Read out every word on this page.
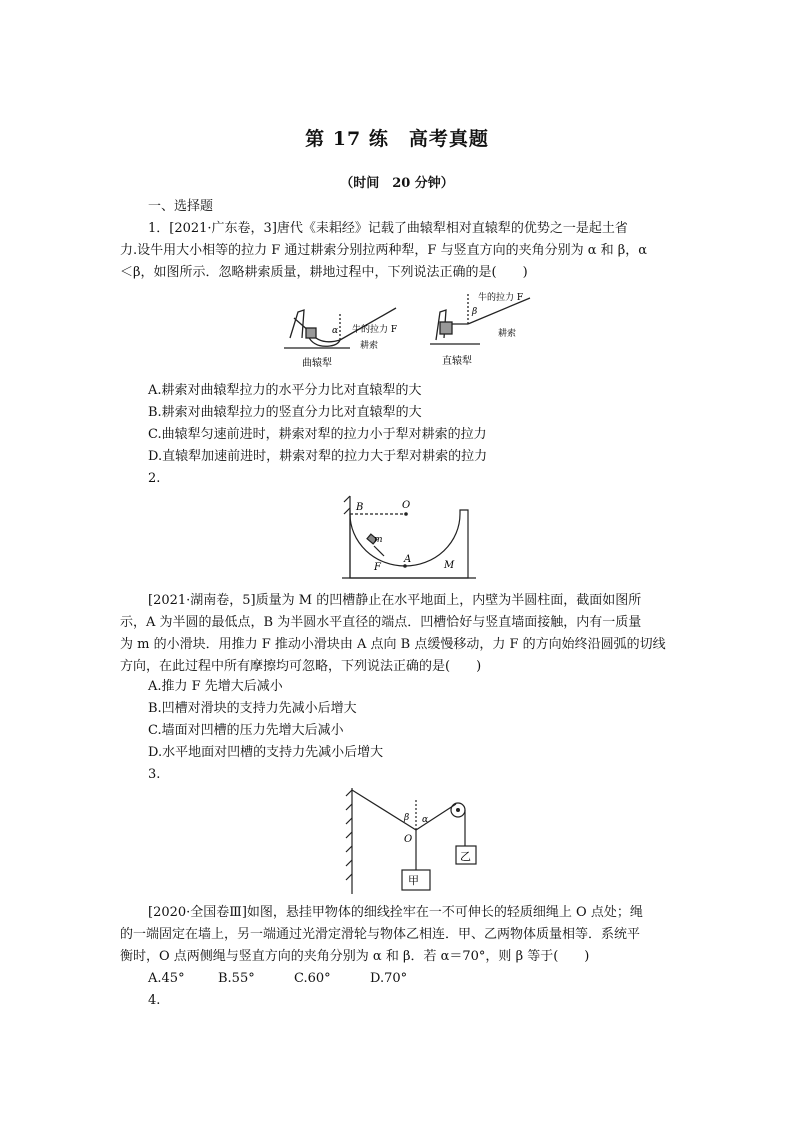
第 17 练　高考真题
（时间　20 分钟）
一、选择题
1．[2021·广东卷，3]唐代《耒耜经》记载了曲辕犁相对直辕犁的优势之一是起土省
力.设牛用大小相等的拉力 F 通过耕索分别拉两种犁，F 与竖直方向的夹角分别为 α 和 β，α
＜β，如图所示．忽略耕索质量，耕地过程中，下列说法正确的是(　　)
α 牛的拉力 F
耕索
曲辕犁
β
牛的拉力 F
耕索
直辕犁
A.耕索对曲辕犁拉力的水平分力比对直辕犁的大
B.耕索对曲辕犁拉力的竖直分力比对直辕犁的大
C.曲辕犁匀速前进时，耕索对犁的拉力小于犁对耕索的拉力
D.直辕犁加速前进时，耕索对犁的拉力大于犁对耕索的拉力
2.
B	O
m
A
F	M
[2021·湖南卷，5]质量为 M 的凹槽静止在水平地面上，内壁为半圆柱面，截面如图所
示，A 为半圆的最低点，B 为半圆水平直径的端点．凹槽恰好与竖直墙面接触，内有一质量
为 m 的小滑块．用推力 F 推动小滑块由 A 点向 B 点缓慢移动，力 F 的方向始终沿圆弧的切线
方向，在此过程中所有摩擦均可忽略，下列说法正确的是(　　)
A.推力 F 先增大后减小
B.凹槽对滑块的支持力先减小后增大
C.墙面对凹槽的压力先增大后减小
D.水平地面对凹槽的支持力先减小后增大
3.
β α
O
乙
甲
[2020·全国卷Ⅲ]如图，悬挂甲物体的细线拴牢在一不可伸长的轻质细绳上 O 点处；绳
的一端固定在墙上，另一端通过光滑定滑轮与物体乙相连．甲、乙两物体质量相等．系统平
衡时，O 点两侧绳与竖直方向的夹角分别为 α 和 β．若 α＝70°，则 β 等于(　　)
A.45°	B.55°	C.60°	D.70°
4.
